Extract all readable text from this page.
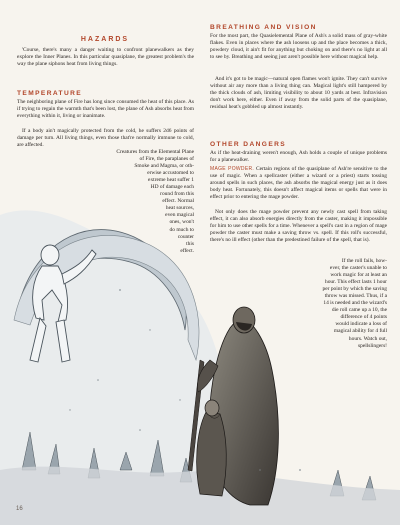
HAZARDS
'Course, there's many a danger waiting to confront planewalkers as they explore the Inner Planes. In this particular quasiplane, the greatest problem's the way the plane siphons heat from living things.
TEMPERATURE
The neighboring plane of Fire has long since consumed the heat of this place. As if trying to regain the warmth that's been lost, the plane of Ash absorbs heat from everything within it, living or inanimate.
If a body ain't magically protected from the cold, he suffers 2d6 points of damage per turn. All living things, even those that're normally immune to cold, are affected.
Creatures from the Elemental Plane
of Fire, the paraplanes of
Smoke and Magma, or oth-
erwise accustomed to
extreme heat suffer 1
HD of damage each
round from this
effect. Normal
heat sources,
even magical
ones, won't
do much to
counter
this
effect.
BREATHING AND VISION
For the most part, the Quasielemental Plane of Ash's a solid mass of gray-white flakes. Even in places where the ash loosens up and the place becomes a thick, powdery cloud, it ain't fit for anything but choking on and there's no light at all to see by. Breathing and seeing just aren't possible here without magical help.
And it's got to be magic—natural open flames won't ignite. They can't survive without air any more than a living thing can. Magical light's still hampered by the thick clouds of ash, limiting visibility to about 10 yards at best. Infravision don't work here, either. Even if away from the solid parts of the quasiplane, residual heat's gobbled up almost instantly.
OTHER DANGERS
As if the heat-draining weren't enough, Ash holds a couple of unique problems for a planewalker.
MAGE POWDER. Certain regions of the quasiplane of Ash're sensitive to the use of magic. When a spellcaster (either a wizard or a priest) starts tossing around spells in such places, the ash absorbs the magical energy just as it does body heat. Fortunately, this doesn't affect magical items or spells that were in effect prior to entering the mage powder.
Not only does the mage powder prevent any newly cast spell from taking effect, it can also absorb energies directly from the caster, making it impossible for him to use other spells for a time. Whenever a spell's cast in a region of mage powder the caster must make a saving throw vs. spell. If this roll's successful, there's no ill effect (other than the predestined failure of the spell, that is).
If the roll fails, how-
ever, the caster's unable to
work magic for at least an
hour. This effect lasts 1 hour
per point by which the saving
throw was missed. Thus, if a
14 is needed and the wizard's
die roll came up a 10, the
difference of 4 points
would indicate a loss of
magical ability for 4 full
hours. Watch out,
spellslingers!
16
